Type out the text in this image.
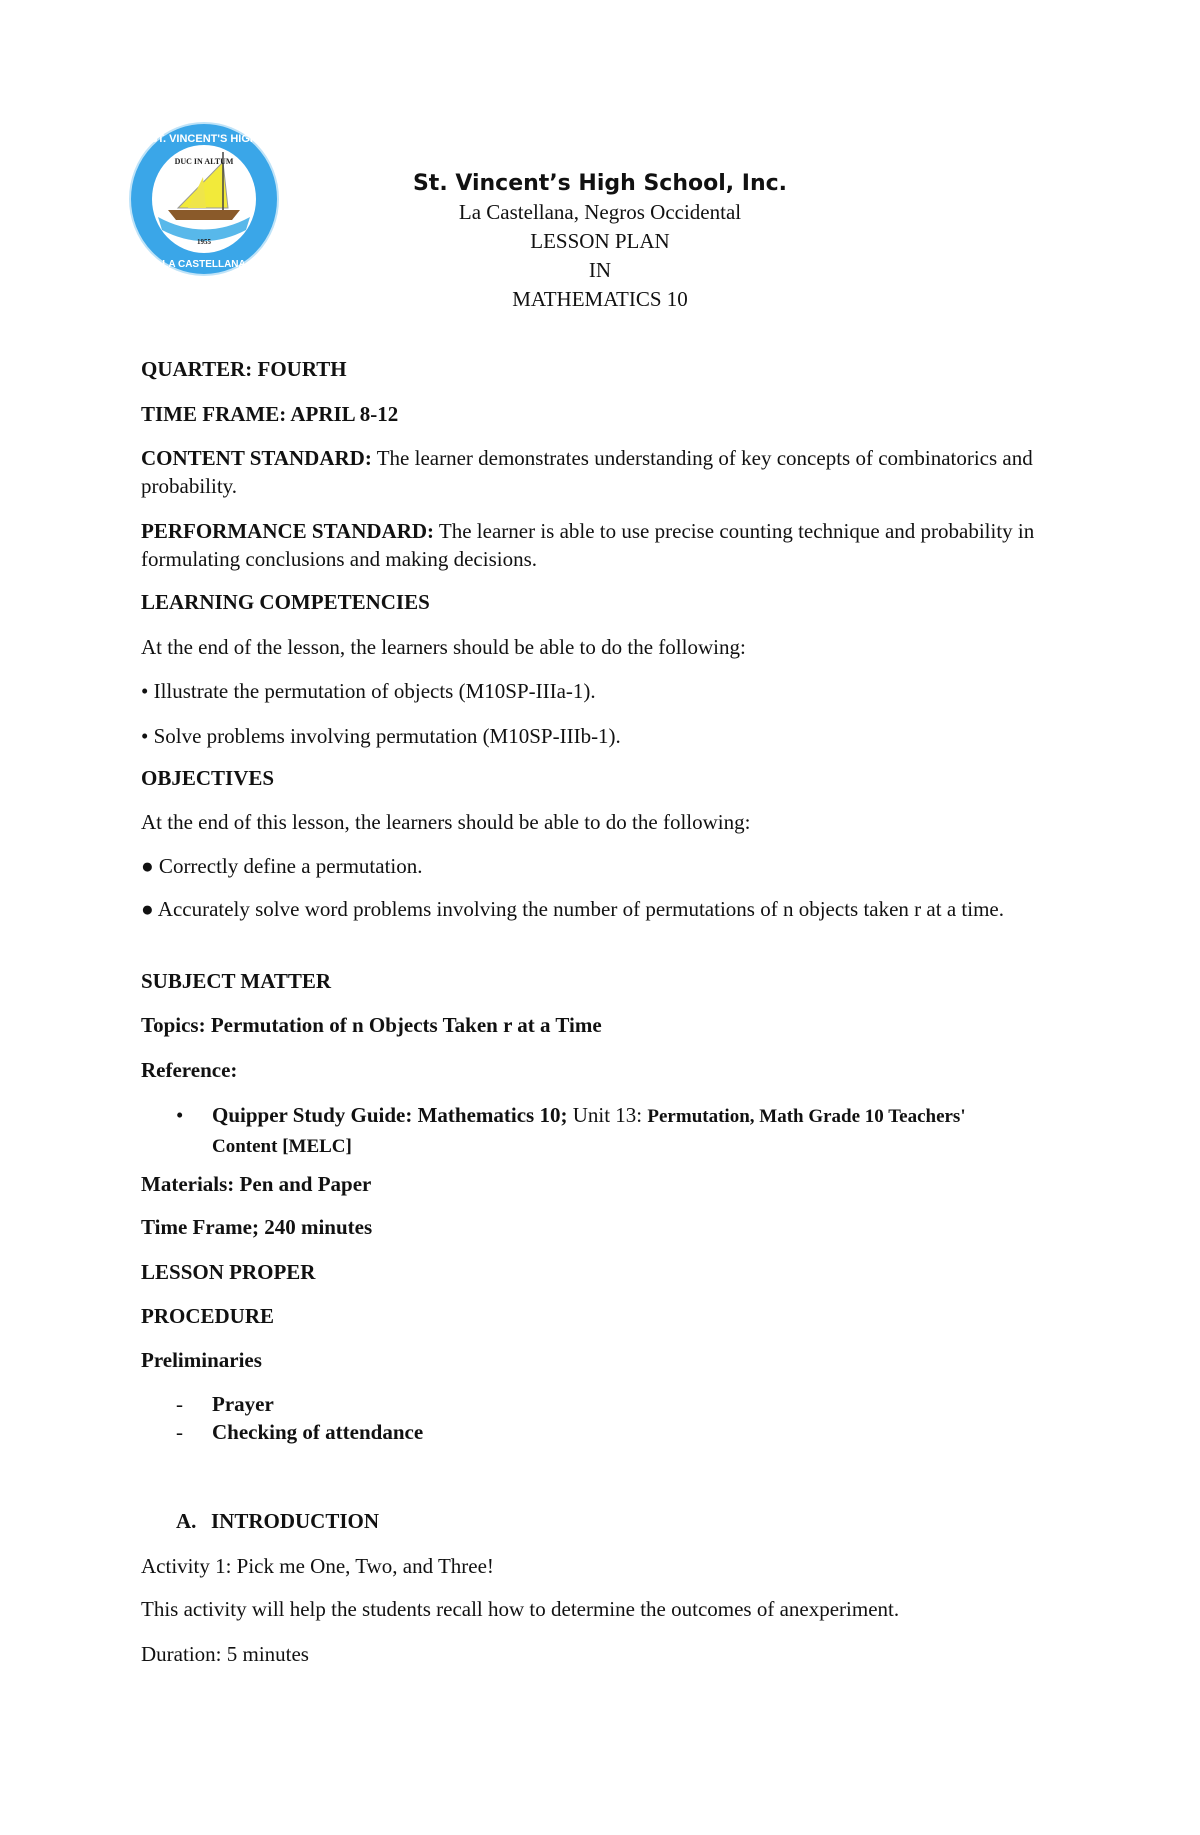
ST. VINCENT'S HIGH
LA CASTELLANA
DUC IN ALTUM
1955
St. Vincent’s High School, Inc.
La Castellana, Negros Occidental
LESSON PLAN
IN
MATHEMATICS 10
QUARTER: FOURTH
TIME FRAME: APRIL 8-12
CONTENT STANDARD: The learner demonstrates understanding of key concepts of combinatorics and probability.
PERFORMANCE STANDARD: The learner is able to use precise counting technique and probability in formulating conclusions and making decisions.
LEARNING COMPETENCIES
At the end of the lesson, the learners should be able to do the following:
• Illustrate the permutation of objects (M10SP-IIIa-1).
• Solve problems involving permutation (M10SP-IIIb-1).
OBJECTIVES
At the end of this lesson, the learners should be able to do the following:
● Correctly define a permutation.
● Accurately solve word problems involving the number of permutations of n objects taken r at a time.
SUBJECT MATTER
Topics: Permutation of n Objects Taken r at a Time
Reference:
• Quipper Study Guide: Mathematics 10; Unit 13: Permutation, Math Grade 10 Teachers' Content [MELC]
Materials: Pen and Paper
Time Frame; 240 minutes
LESSON PROPER
PROCEDURE
Preliminaries
- Prayer
- Checking of attendance
A. INTRODUCTION
Activity 1: Pick me One, Two, and Three!
This activity will help the students recall how to determine the outcomes of anexperiment.
Duration: 5 minutes
